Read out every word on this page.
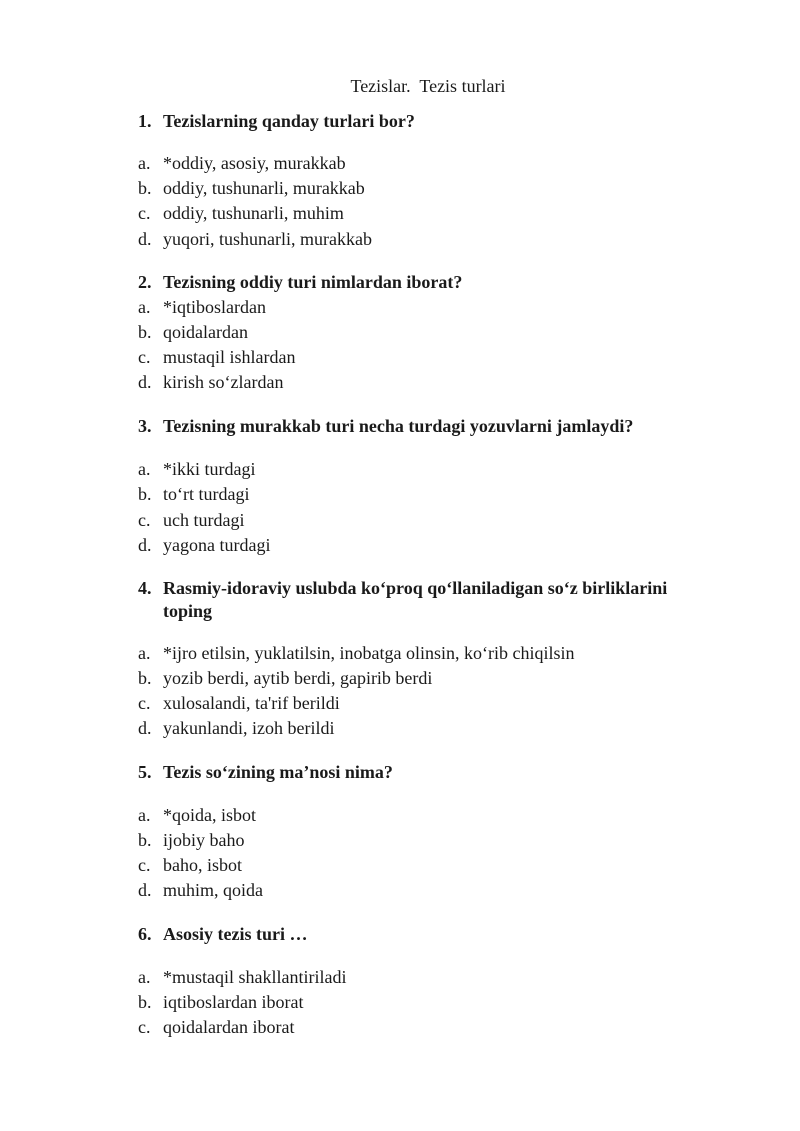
Tezislar.  Tezis turlari
1. Tezislarning qanday turlari bor?
a. *oddiy, asosiy, murakkab
b. oddiy, tushunarli, murakkab
c. oddiy, tushunarli, muhim
d. yuqori, tushunarli, murakkab
2. Tezisning oddiy turi nimlardan iborat?
a. *iqtiboslardan
b. qoidalardan
c. mustaqil ishlardan
d. kirish so‘zlardan
3. Tezisning murakkab turi necha turdagi yozuvlarni jamlaydi?
a. *ikki turdagi
b. to‘rt turdagi
c. uch turdagi
d. yagona turdagi
4. Rasmiy-idoraviy uslubda ko‘proq qo‘llaniladigan so‘z birliklarini toping
a. *ijro etilsin, yuklatilsin, inobatga olinsin, ko‘rib chiqilsin
b. yozib berdi, aytib berdi, gapirib berdi
c. xulosalandi, ta'rif berildi
d. yakunlandi, izoh berildi
5. Tezis so‘zining ma’nosi nima?
a. *qoida, isbot
b. ijobiy baho
c. baho, isbot
d. muhim, qoida
6. Asosiy tezis turi …
a. *mustaqil shakllantiriladi
b. iqtiboslardan iborat
c. qoidalardan iborat
